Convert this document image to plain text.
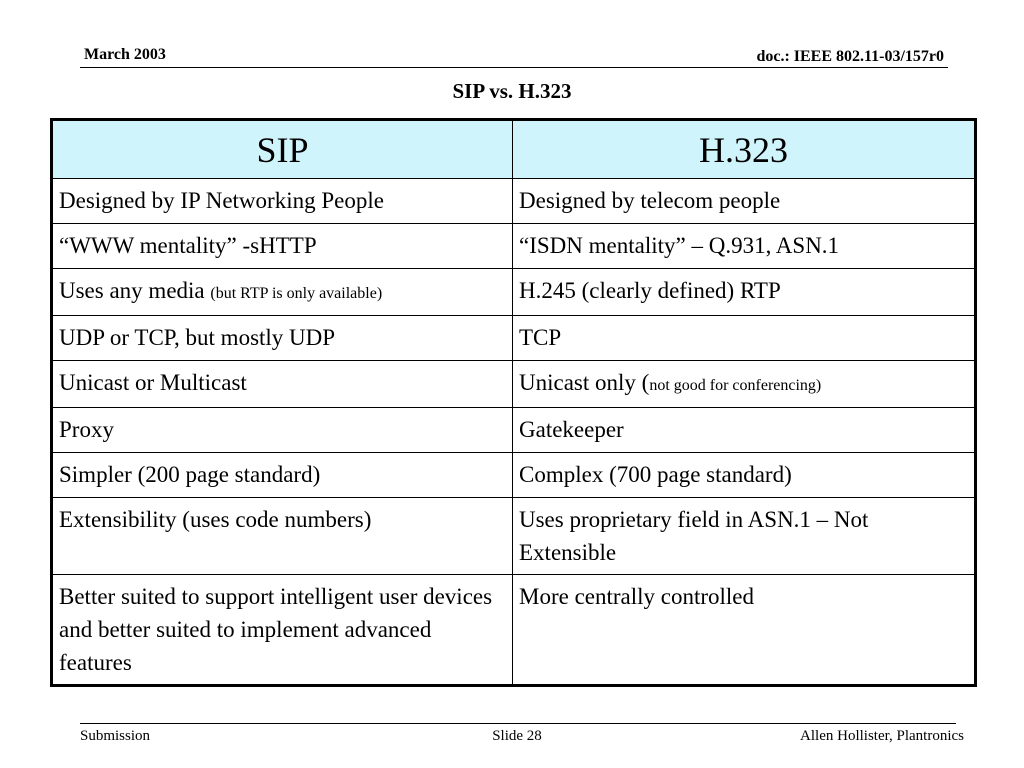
March 2003	doc.: IEEE 802.11-03/157r0
SIP vs. H.323
SIP	H.323
Designed by IP Networking People	Designed by telecom people
“WWW mentality” -sHTTP	“ISDN mentality” – Q.931, ASN.1
Uses any media (but RTP is only available)	H.245 (clearly defined) RTP
UDP or TCP, but mostly UDP	TCP
Unicast or Multicast	Unicast only (not good for conferencing)
Proxy	Gatekeeper
Simpler (200 page standard)	Complex (700 page standard)
Extensibility (uses code numbers)	Uses proprietary field in ASN.1 – Not Extensible
Better suited to support intelligent user devices and better suited to implement advanced features	More centrally controlled
Submission	Slide 28	Allen Hollister, Plantronics
